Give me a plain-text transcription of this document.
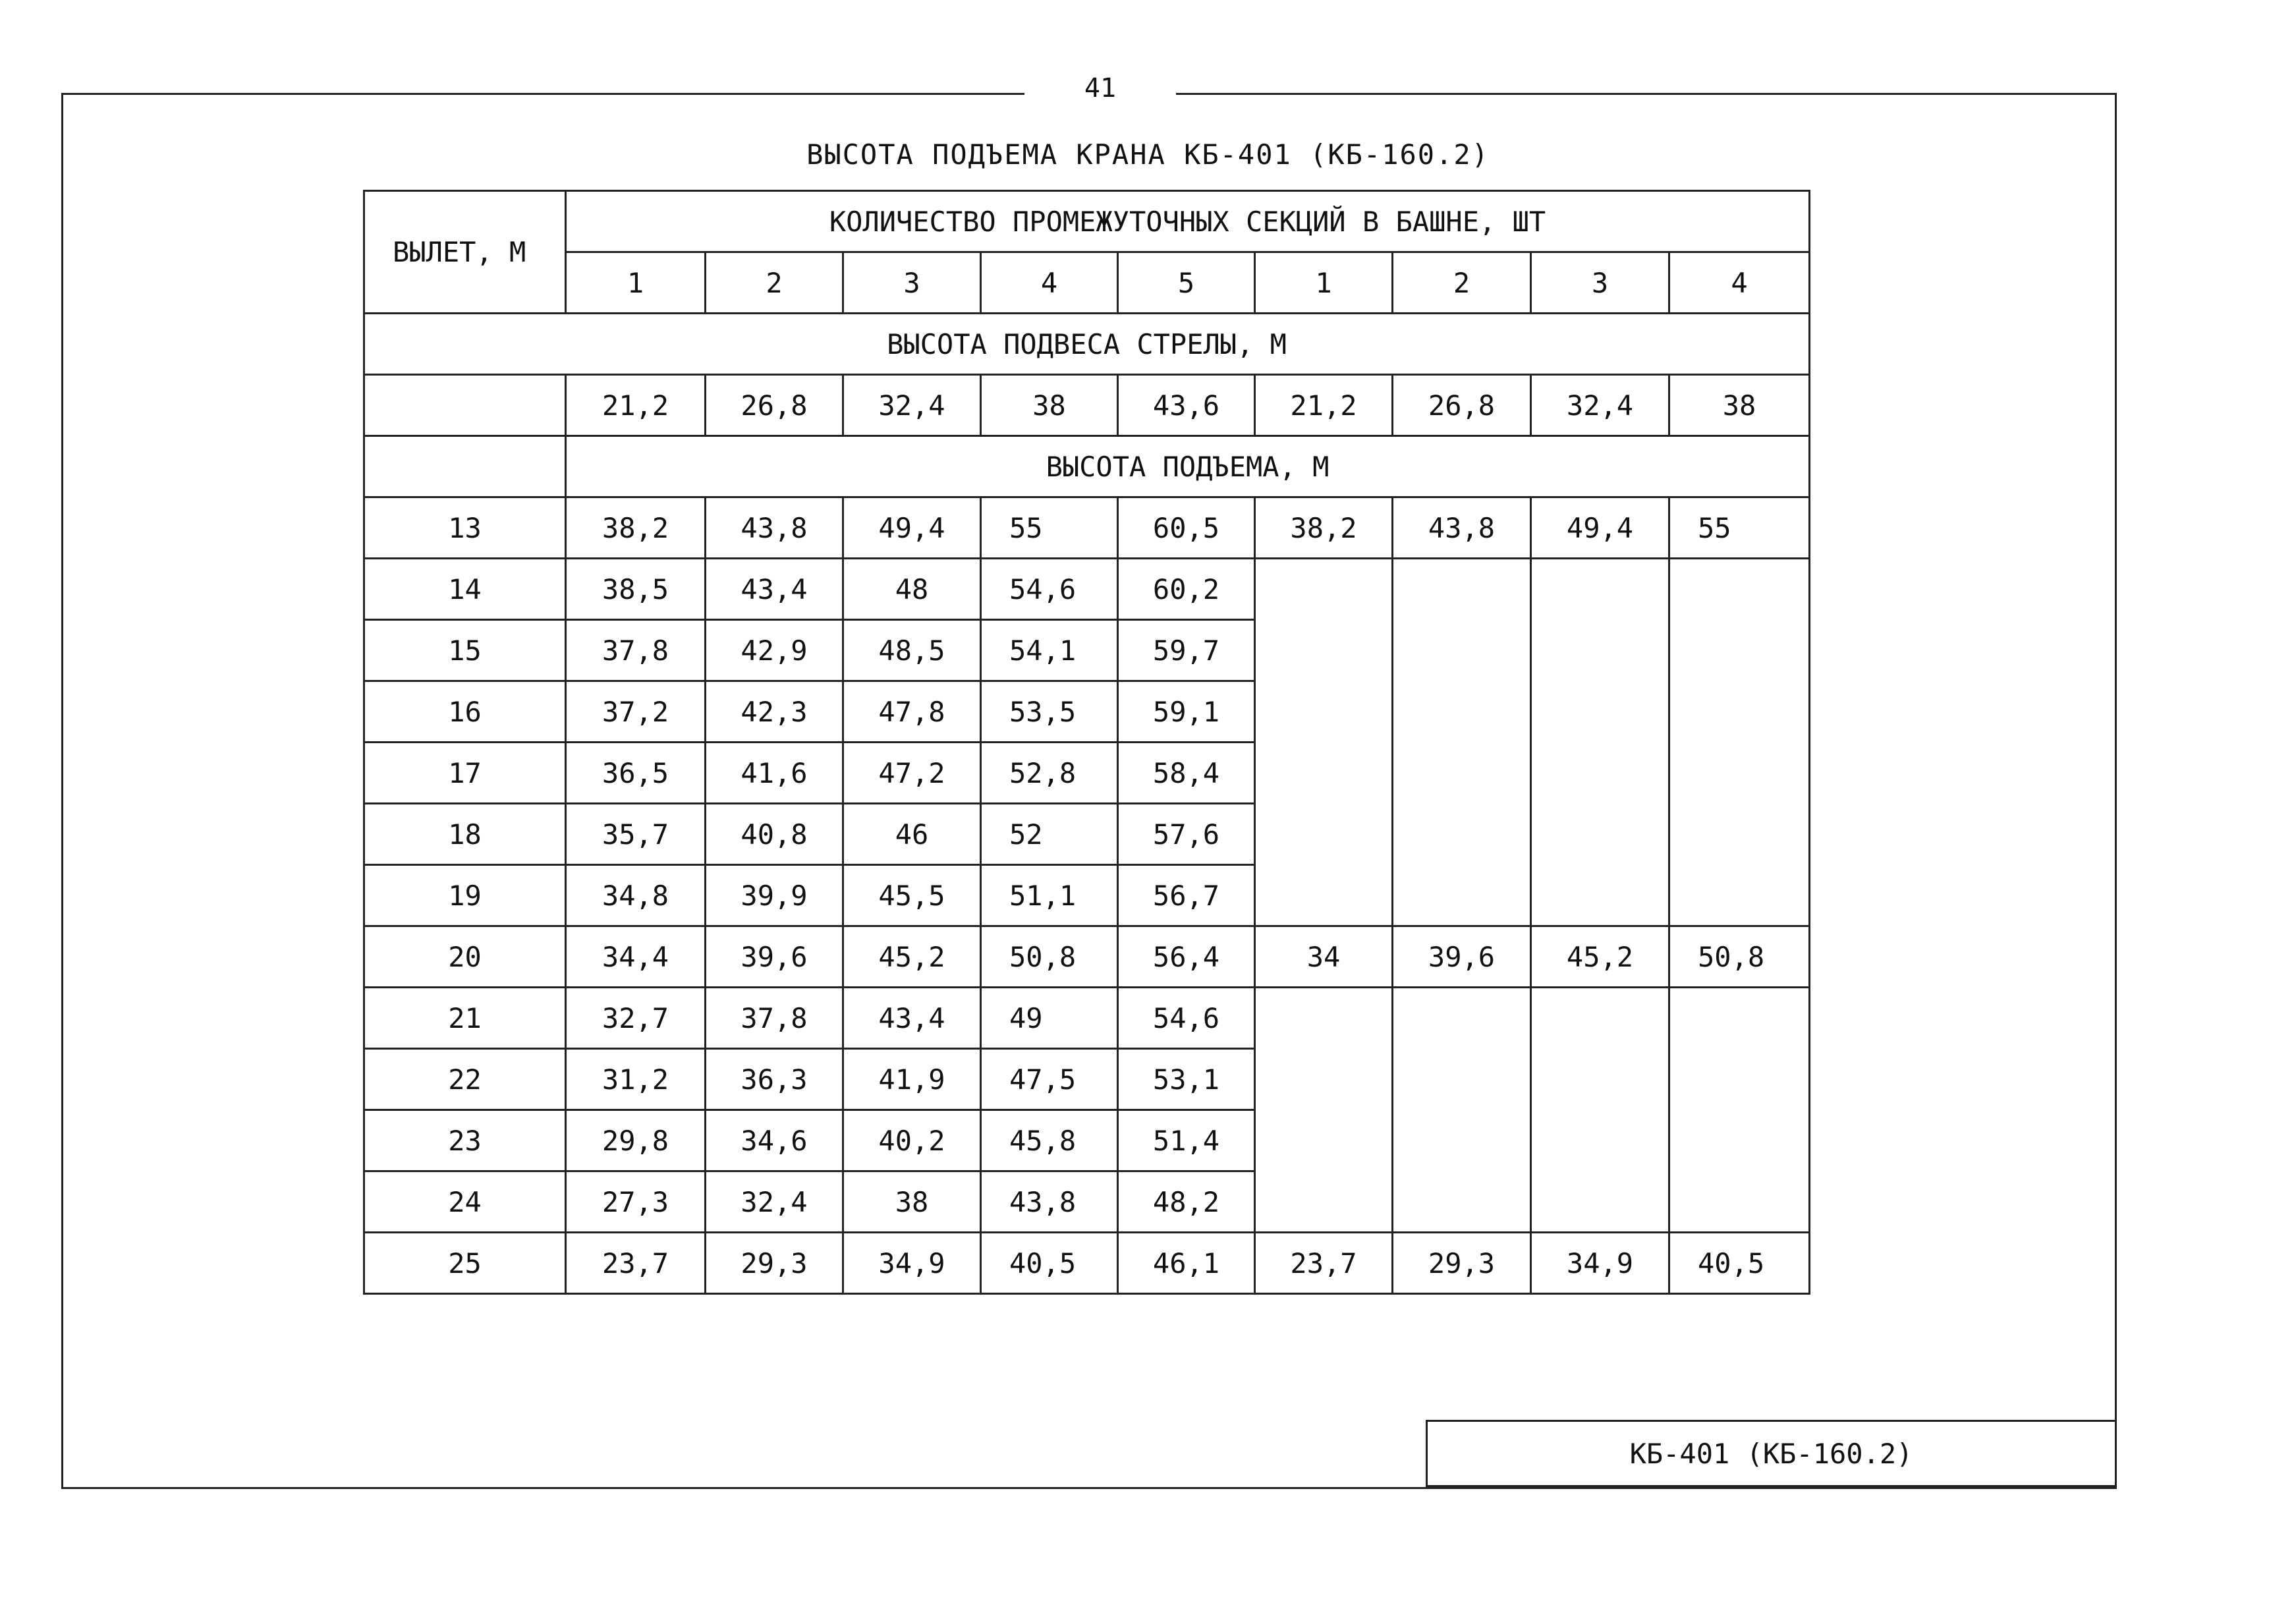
41
ВЫСОТА ПОДЪЕМА КРАНА КБ-401 (КБ-160.2)
ВЫЛЕТ, М	КОЛИЧЕСТВО ПРОМЕЖУТОЧНЫХ СЕКЦИЙ В БАШНЕ, ШТ								
	1	2	3	4	5	1	2	3	4
ВЫСОТА ПОДВЕСА СТРЕЛЫ, М									
	21,2	26,8	32,4	38	43,6	21,2	26,8	32,4	38
	ВЫСОТА ПОДЪЕМА, М								
13	38,2	43,8	49,4	55	60,5	38,2	43,8	49,4	55
14	38,5	43,4	48	54,6	60,2				
15	37,8	42,9	48,5	54,1	59,7				
16	37,2	42,3	47,8	53,5	59,1				
17	36,5	41,6	47,2	52,8	58,4				
18	35,7	40,8	46	52	57,6				
19	34,8	39,9	45,5	51,1	56,7				
20	34,4	39,6	45,2	50,8	56,4	34	39,6	45,2	50,8
21	32,7	37,8	43,4	49	54,6				
22	31,2	36,3	41,9	47,5	53,1				
23	29,8	34,6	40,2	45,8	51,4				
24	27,3	32,4	38	43,8	48,2				
25	23,7	29,3	34,9	40,5	46,1	23,7	29,3	34,9	40,5
КБ-401 (КБ-160.2)
